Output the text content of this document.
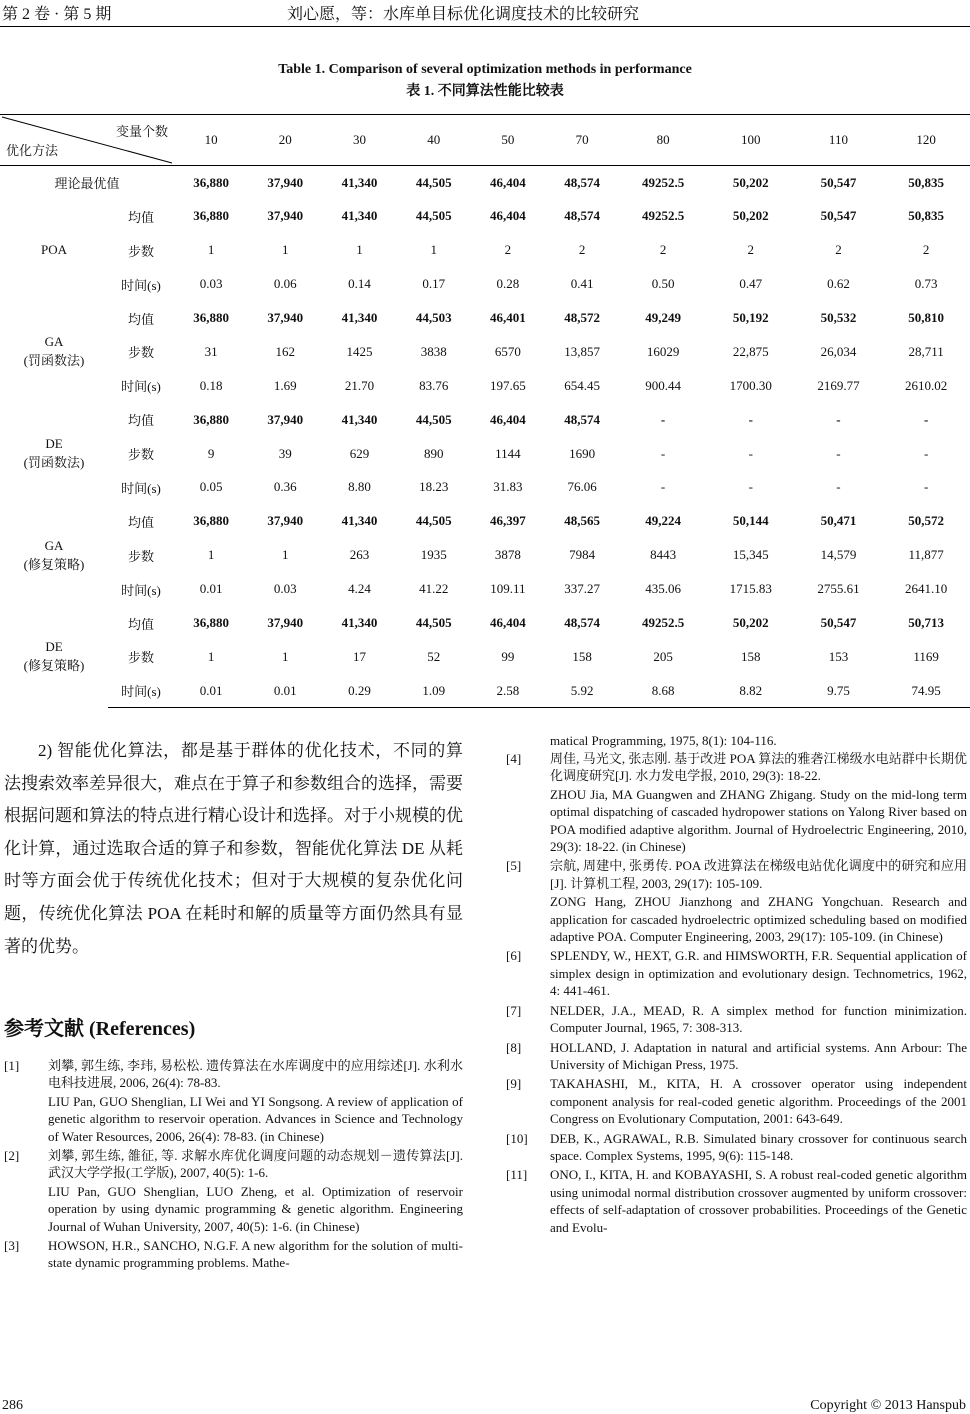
第 2 卷 · 第 5 期	刘心愿，等：水库单目标优化调度技术的比较研究
Table 1. Comparison of several optimization methods in performance
表 1. 不同算法性能比较表
变量个数
优化方法		10	20	30	40	50	70	80	100	110	120
理论最优值		36,880	37,940	41,340	44,505	46,404	48,574	49252.5	50,202	50,547	50,835

POA	均值	36,880	37,940	41,340	44,505	46,404	48,574	49252.5	50,202	50,547	50,835
	步数	1	1	1	1	2	2	2	2	2	2
	时间(s)	0.03	0.06	0.14	0.17	0.28	0.41	0.50	0.47	0.62	0.73

GA
(罚函数法)	均值	36,880	37,940	41,340	44,503	46,401	48,572	49,249	50,192	50,532	50,810
	步数	31	162	1425	3838	6570	13,857	16029	22,875	26,034	28,711
	时间(s)	0.18	1.69	21.70	83.76	197.65	654.45	900.44	1700.30	2169.77	2610.02

DE
(罚函数法)	均值	36,880	37,940	41,340	44,505	46,404	48,574	-	-	-	-
	步数	9	39	629	890	1144	1690	-	-	-	-
	时间(s)	0.05	0.36	8.80	18.23	31.83	76.06	-	-	-	-

GA
(修复策略)	均值	36,880	37,940	41,340	44,505	46,397	48,565	49,224	50,144	50,471	50,572
	步数	1	1	263	1935	3878	7984	8443	15,345	14,579	11,877
	时间(s)	0.01	0.03	4.24	41.22	109.11	337.27	435.06	1715.83	2755.61	2641.10

DE
(修复策略)	均值	36,880	37,940	41,340	44,505	46,404	48,574	49252.5	50,202	50,547	50,713
	步数	1	1	17	52	99	158	205	158	153	1169
	时间(s)	0.01	0.01	0.29	1.09	2.58	5.92	8.68	8.82	9.75	74.95
2) 智能优化算法，都是基于群体的优化技术，不同的算法搜索效率差异很大，难点在于算子和参数组合的选择，需要根据问题和算法的特点进行精心设计和选择。对于小规模的优化计算，通过选取合适的算子和参数，智能优化算法 DE 从耗时等方面会优于传统优化技术；但对于大规模的复杂优化问题，传统优化算法 POA 在耗时和解的质量等方面仍然具有显著的优势。
参考文献 (References)
[1]	刘攀, 郭生练, 李玮, 易松松. 遗传算法在水库调度中的应用综述[J]. 水利水电科技进展, 2006, 26(4): 78-83.

LIU Pan, GUO Shenglian, LI Wei and YI Songsong. A review of application of genetic algorithm to reservoir operation. Advances in Science and Technology of Water Resources, 2006, 26(4): 78-83. (in Chinese)

[2]	刘攀, 郭生练, 雒征, 等. 求解水库优化调度问题的动态规划－遗传算法[J]. 武汉大学学报(工学版), 2007, 40(5): 1-6.

LIU Pan, GUO Shenglian, LUO Zheng, et al. Optimization of reservoir operation by using dynamic programming & genetic algorithm. Engineering Journal of Wuhan University, 2007, 40(5): 1-6. (in Chinese)

[3]	HOWSON, H.R., SANCHO, N.G.F. A new algorithm for the solution of multi-state dynamic programming problems. Mathe-

matical Programming, 1975, 8(1): 104-116.
[4]	周佳, 马光文, 张志刚. 基于改进 POA 算法的雅砻江梯级水电站群中长期优化调度研究[J]. 水力发电学报, 2010, 29(3): 18-22.

ZHOU Jia, MA Guangwen and ZHANG Zhigang. Study on the mid-long term optimal dispatching of cascaded hydropower stations on Yalong River based on POA modified adaptive algorithm. Journal of Hydroelectric Engineering, 2010, 29(3): 18-22. (in Chinese)

[5]	宗航, 周建中, 张勇传. POA 改进算法在梯级电站优化调度中的研究和应用[J]. 计算机工程, 2003, 29(17): 105-109.

ZONG Hang, ZHOU Jianzhong and ZHANG Yongchuan. Research and application for cascaded hydroelectric optimized scheduling based on modified adaptive POA. Computer Engineering, 2003, 29(17): 105-109. (in Chinese)

[6]	SPLENDY, W., HEXT, G.R. and HIMSWORTH, F.R. Sequential application of simplex design in optimization and evolutionary design. Technometrics, 1962, 4: 441-461.

[7]	NELDER, J.A., MEAD, R. A simplex method for function minimization. Computer Journal, 1965, 7: 308-313.

[8]	HOLLAND, J. Adaptation in natural and artificial systems. Ann Arbour: The University of Michigan Press, 1975.

[9]	TAKAHASHI, M., KITA, H. A crossover operator using independent component analysis for real-coded genetic algorithm. Proceedings of the 2001 Congress on Evolutionary Computation, 2001: 643-649.

[10]	DEB, K., AGRAWAL, R.B. Simulated binary crossover for continuous search space. Complex Systems, 1995, 9(6): 115-148.

[11]	ONO, I., KITA, H. and KOBAYASHI, S. A robust real-coded genetic algorithm using unimodal normal distribution crossover augmented by uniform crossover: effects of self-adaptation of crossover probabilities. Proceedings of the Genetic and Evolu-

286	Copyright © 2013 Hanspub
